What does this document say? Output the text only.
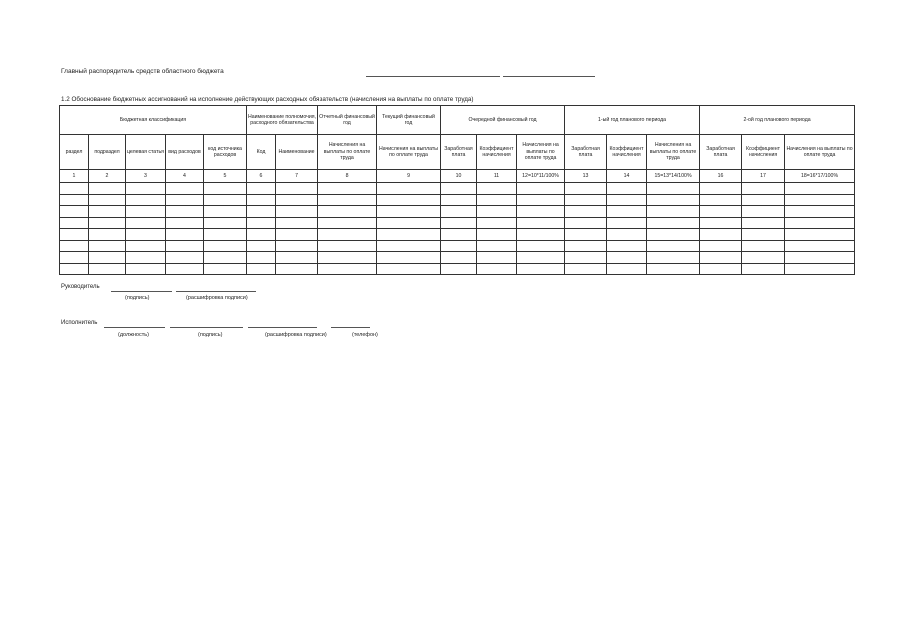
Главный распорядитель средств областного бюджета
1.2 Обоснование бюджетных ассигнований на исполнение действующих расходных обязательств (начисления на выплаты по оплате труда)
Бюджетная классификация					Наименование полномочия, расходного обязательства		Отчетный финансовый год	Текущий финансовый год	Очередной финансовый год			1-ый год планового периода			2-ой год планового периода		
раздел	подраздел	целевая статья	вид расходов	код источника расходов	Код	Наименование	Начисления на выплаты по оплате труда	Начисления на выплаты по оплате труда	Заработная плата	Коэффициент начисления	Начисления на выплаты по оплате труда	Заработная плата	Коэффициент начисления	Начисления на выплаты по оплате труда	Заработная плата	Коэффициент начисления	Начисления на выплаты по оплате труда
1	2	3	4	5	6	7	8	9	10	11	12=10*11/100%	13	14	15=13*14/100%	16	17	18=16*17/100%

Руководитель
(подпись)	(расшифровка подписи)
Исполнитель
(должность)	(подпись)	(расшифровка подписи)	(телефон)
